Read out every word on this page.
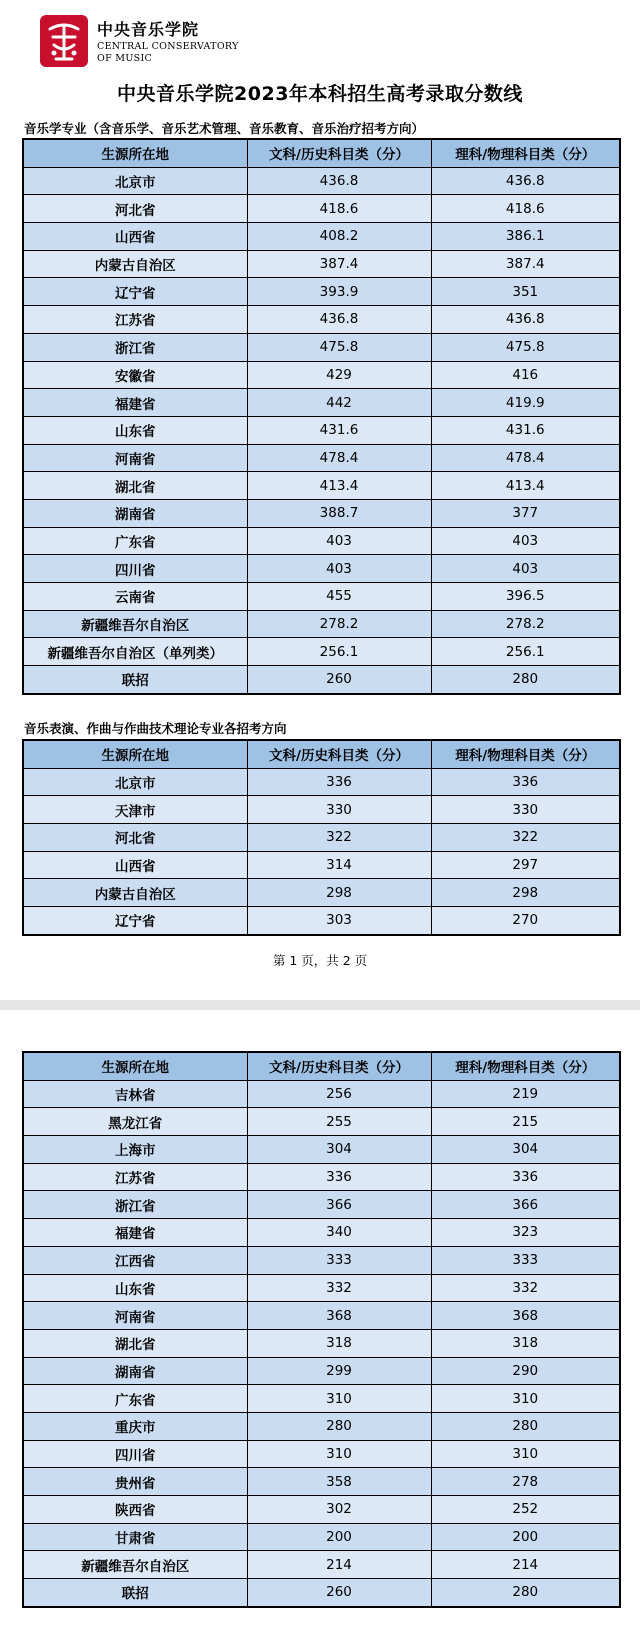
中央音乐学院
CENTRAL CONSERVATORY
OF MUSIC
中央音乐学院2023年本科招生高考录取分数线
音乐学专业（含音乐学、音乐艺术管理、音乐教育、音乐治疗招考方向）
生源所在地	文科/历史科目类（分）	理科/物理科目类（分）
北京市	436.8	436.8
河北省	418.6	418.6
山西省	408.2	386.1
内蒙古自治区	387.4	387.4
辽宁省	393.9	351
江苏省	436.8	436.8
浙江省	475.8	475.8
安徽省	429	416
福建省	442	419.9
山东省	431.6	431.6
河南省	478.4	478.4
湖北省	413.4	413.4
湖南省	388.7	377
广东省	403	403
四川省	403	403
云南省	455	396.5
新疆维吾尔自治区	278.2	278.2
新疆维吾尔自治区（单列类）	256.1	256.1
联招	260	280
音乐表演、作曲与作曲技术理论专业各招考方向
生源所在地	文科/历史科目类（分）	理科/物理科目类（分）
北京市	336	336
天津市	330	330
河北省	322	322
山西省	314	297
内蒙古自治区	298	298
辽宁省	303	270
第 1 页，共 2 页
生源所在地	文科/历史科目类（分）	理科/物理科目类（分）
吉林省	256	219
黑龙江省	255	215
上海市	304	304
江苏省	336	336
浙江省	366	366
福建省	340	323
江西省	333	333
山东省	332	332
河南省	368	368
湖北省	318	318
湖南省	299	290
广东省	310	310
重庆市	280	280
四川省	310	310
贵州省	358	278
陕西省	302	252
甘肃省	200	200
新疆维吾尔自治区	214	214
联招	260	280
